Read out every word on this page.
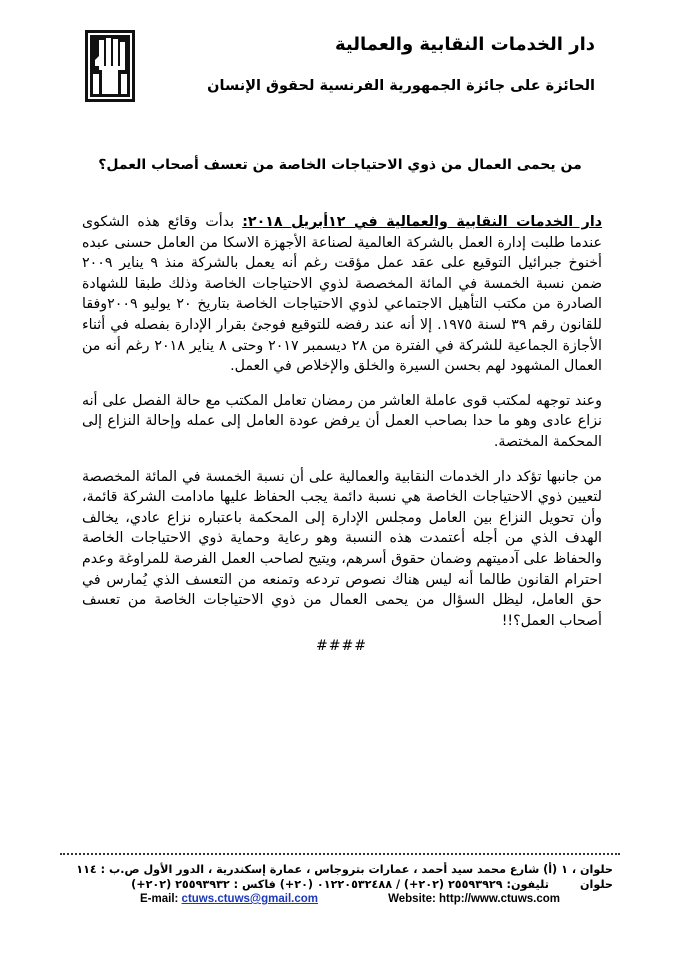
دار الخدمات النقابية والعمالية
الحائزة على جائزة الجمهورية الفرنسية لحقوق الإنسان
من يحمى العمال من ذوي الاحتياجات الخاصة من تعسف أصحاب العمل؟

دار الخدمات النقابية والعمالية في ١٢أبريل ٢٠١٨: بدأت وقائع هذه الشكوى عندما طلبت إدارة العمل بالشركة العالمية لصناعة الأجهزة الاسكا من العامل حسنى عبده أخنوخ جبرائيل التوقيع على عقد عمل مؤقت رغم أنه يعمل بالشركة منذ ٩ يناير ٢٠٠٩ ضمن نسبة الخمسة في المائة المخصصة لذوي الاحتياجات الخاصة وذلك طبقا للشهادة الصادرة من مكتب التأهيل الاجتماعي لذوي الاحتياجات الخاصة بتاريخ ٢٠ يوليو ٢٠٠٩وفقا للقانون رقم ٣٩ لسنة ١٩٧٥. إلا أنه عند رفضه للتوقيع فوجئ بقرار الإدارة بفصله في أثناء الأجازة الجماعية للشركة في الفترة من ٢٨ ديسمبر ٢٠١٧ وحتى ٨ يناير ٢٠١٨ رغم أنه من العمال المشهود لهم بحسن السيرة والخلق والإخلاص في العمل.

وعند توجهه لمكتب قوى عاملة العاشر من رمضان تعامل المكتب مع حالة الفصل على أنه نزاع عادى وهو ما حدا بصاحب العمل أن يرفض عودة العامل إلى عمله وإحالة النزاع إلى المحكمة المختصة.

من جانبها تؤكد دار الخدمات النقابية والعمالية على أن نسبة الخمسة في المائة المخصصة لتعيين ذوي الاحتياجات الخاصة هي نسبة دائمة يجب الحفاظ عليها مادامت الشركة قائمة، وأن تحويل النزاع بين العامل ومجلس الإدارة إلى المحكمة باعتباره نزاع عادي، يخالف الهدف الذي من أجله أعتمدت هذه النسبة وهو رعاية وحماية ذوي الاحتياجات الخاصة والحفاظ على آدميتهم وضمان حقوق أسرهم، ويتيح لصاحب العمل الفرصة للمراوغة وعدم احترام القانون طالما أنه ليس هناك نصوص تردعه وتمنعه من التعسف الذي يُمارس في حق العامل، ليظل السؤال من يحمى العمال من ذوي الاحتياجات الخاصة من تعسف أصحاب العمل؟!!

####
حلوان ، ١ (أ) شارع محمد سيد أحمد ، عمارات بتروجاس ، عمارة إسكندرية ، الدور الأول ص.ب : ١١٤ حلوان
تليفون: ٢٥٥٩٣٩٢٩ (٢٠٢+) / ٠١٢٢٠٥٣٢٤٨٨ (٢٠+) فاكس : ٢٥٥٩٣٩٣٢ (٢٠٢+)
E-mail: ctuws.ctuws@gmail.com	Website: http://www.ctuws.com
